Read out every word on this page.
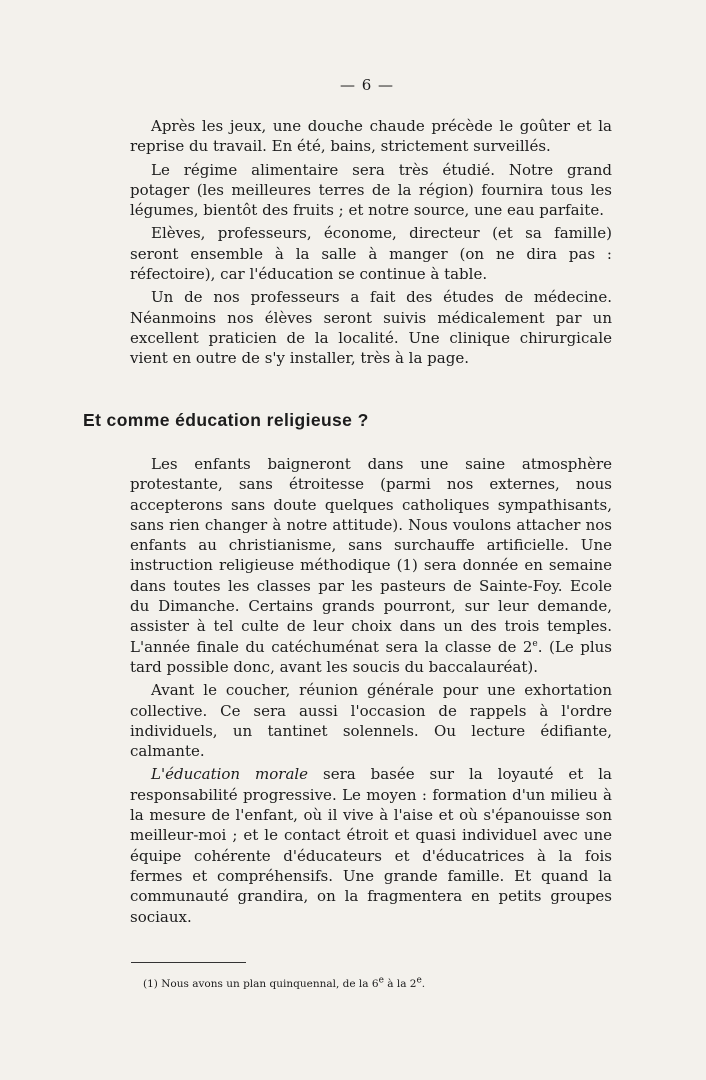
— 6 —

Après les jeux, une douche chaude précède le goûter et la reprise du travail. En été, bains, strictement surveillés.

Le régime alimentaire sera très étudié. Notre grand potager (les meilleures terres de la région) fournira tous les légumes, bientôt des fruits ; et notre source, une eau parfaite.

Elèves, professeurs, économe, directeur (et sa famille) seront ensemble à la salle à manger (on ne dira pas : réfectoire), car l'éducation se continue à table.

Un de nos professeurs a fait des études de médecine. Néanmoins nos élèves seront suivis médicalement par un excellent praticien de la localité. Une clinique chirurgicale vient en outre de s'y installer, très à la page.

Et comme éducation religieuse ?

Les enfants baigneront dans une saine atmosphère protestante, sans étroitesse (parmi nos externes, nous accepterons sans doute quelques catholiques sympathisants, sans rien changer à notre attitude). Nous voulons attacher nos enfants au christianisme, sans surchauffe artificielle. Une instruction religieuse méthodique (1) sera donnée en semaine dans toutes les classes par les pasteurs de Sainte-Foy. Ecole du Dimanche. Certains grands pourront, sur leur demande, assister à tel culte de leur choix dans un des trois temples. L'année finale du catéchuménat sera la classe de 2e. (Le plus tard possible donc, avant les soucis du baccalauréat).

Avant le coucher, réunion générale pour une exhortation collective. Ce sera aussi l'occasion de rappels à l'ordre individuels, un tantinet solennels. Ou lecture édifiante, calmante.

L'éducation morale sera basée sur la loyauté et la responsabilité progressive. Le moyen : formation d'un milieu à la mesure de l'enfant, où il vive à l'aise et où s'épanouisse son meilleur-moi ; et le contact étroit et quasi individuel avec une équipe cohérente d'éducateurs et d'éducatrices à la fois fermes et compréhensifs. Une grande famille. Et quand la communauté grandira, on la fragmentera en petits groupes sociaux.

(1) Nous avons un plan quinquennal, de la 6e à la 2e.
